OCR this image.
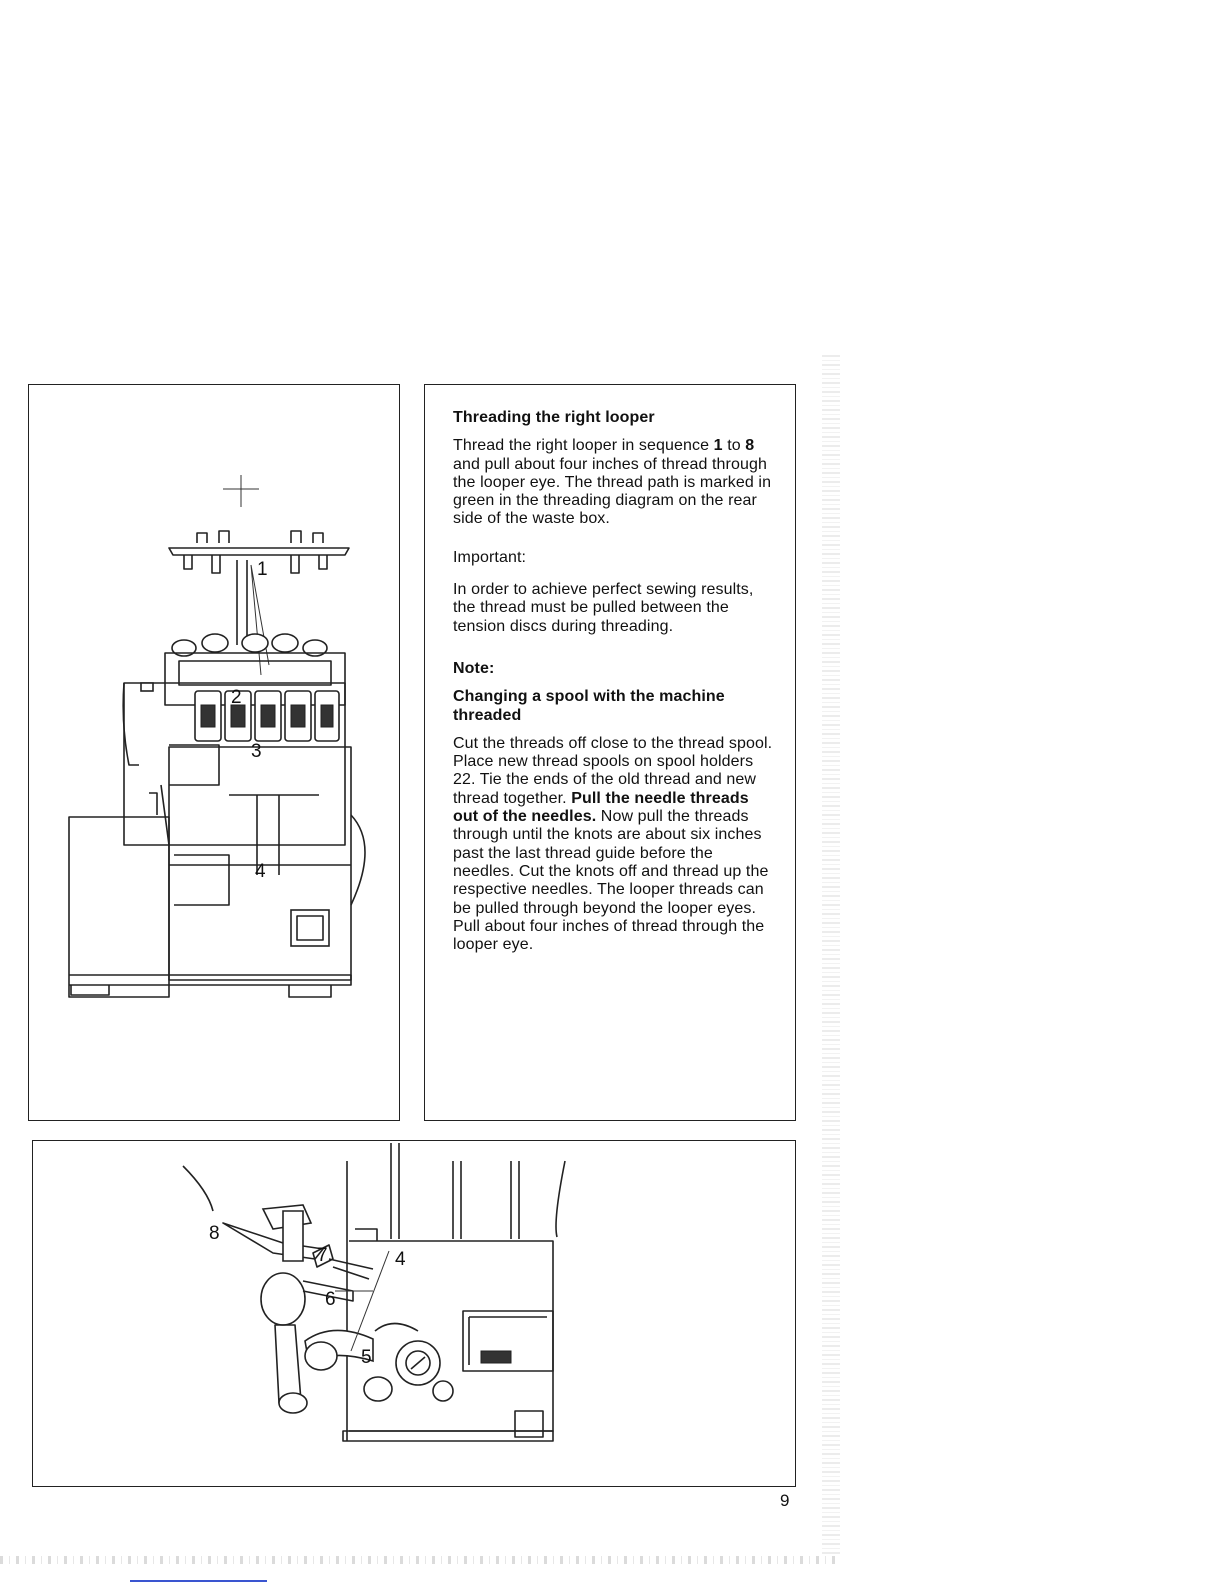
1
2
3
4
Threading the right looper

Thread the right looper in sequence 1 to 8 and pull about four inches of thread through the looper eye. The thread path is marked in green in the threading diagram on the rear side of the waste box.

Important:

In order to achieve perfect sewing results, the thread must be pulled between the tension discs during threading.

Note:

Changing a spool with the machine threaded

Cut the threads off close to the thread spool. Place new thread spools on spool holders 22. Tie the ends of the old thread and new thread together. Pull the needle threads out of the needles. Now pull the threads through until the knots are about six inches past the last thread guide before the needles. Cut the knots off and thread up the respective needles. The looper threads can be pulled through beyond the looper eyes. Pull about four inches of thread through the looper eye.

8
7	4
6
5
9
